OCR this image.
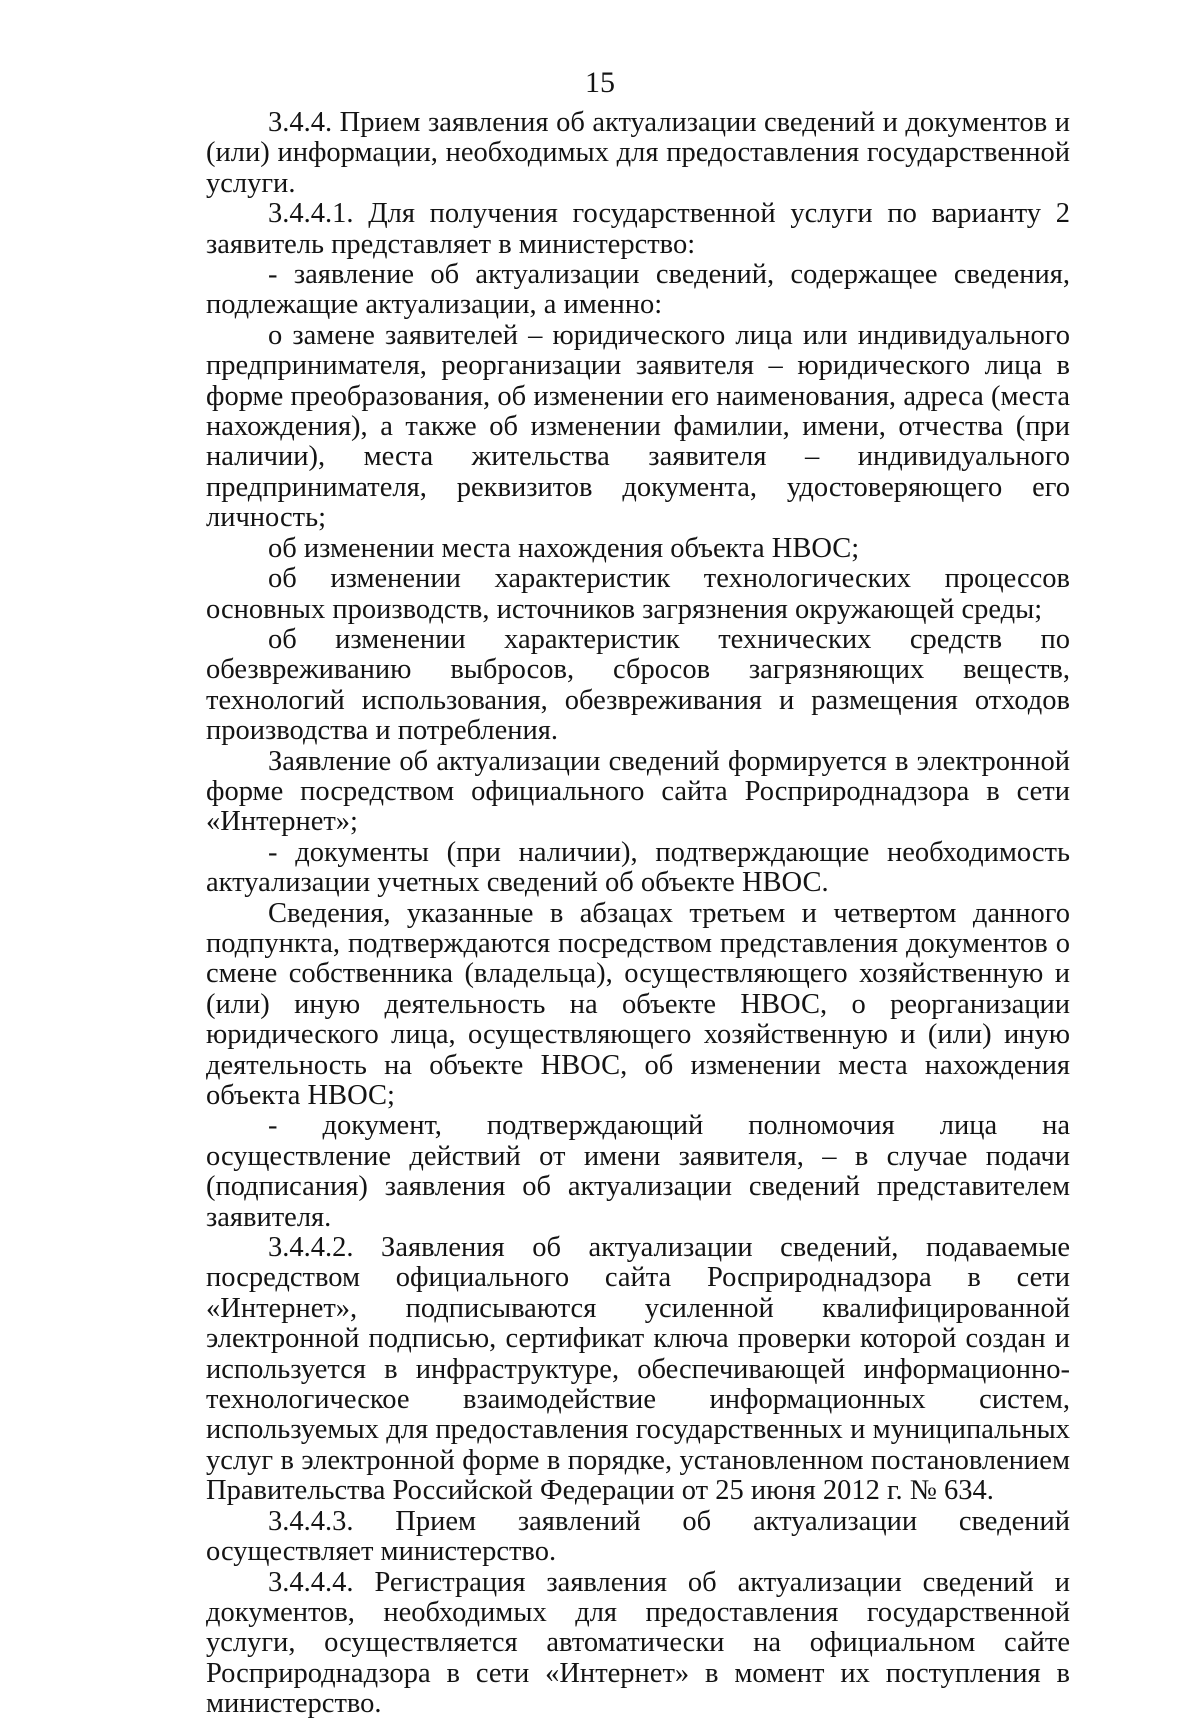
15

3.4.4. Прием заявления об актуализации сведений и документов и (или) информации, необходимых для предоставления государственной услуги.

3.4.4.1. Для получения государственной услуги по варианту 2 заявитель представляет в министерство:

- заявление об актуализации сведений, содержащее сведения, подлежащие актуализации, а именно:

о замене заявителей – юридического лица или индивидуального предпринимателя, реорганизации заявителя – юридического лица в форме преобразования, об изменении его наименования, адреса (места нахождения), а также об изменении фамилии, имени, отчества (при наличии), места жительства заявителя – индивидуального предпринимателя, реквизитов документа, удостоверяющего его личность;

об изменении места нахождения объекта НВОС;

об изменении характеристик технологических процессов основных производств, источников загрязнения окружающей среды;

об изменении характеристик технических средств по обезвреживанию выбросов, сбросов загрязняющих веществ, технологий использования, обезвреживания и размещения отходов производства и потребления.

Заявление об актуализации сведений формируется в электронной форме посредством официального сайта Росприроднадзора в сети «Интернет»;

- документы (при наличии), подтверждающие необходимость актуализации учетных сведений об объекте НВОС.

Сведения, указанные в абзацах третьем и четвертом данного подпункта, подтверждаются посредством представления документов о смене собственника (владельца), осуществляющего хозяйственную и (или) иную деятельность на объекте НВОС, о реорганизации юридического лица, осуществляющего хозяйственную и (или) иную деятельность на объекте НВОС, об изменении места нахождения объекта НВОС;

- документ, подтверждающий полномочия лица на осуществление действий от имени заявителя, – в случае подачи (подписания) заявления об актуализации сведений представителем заявителя.

3.4.4.2. Заявления об актуализации сведений, подаваемые посредством официального сайта Росприроднадзора в сети «Интернет», подписываются усиленной квалифицированной электронной подписью, сертификат ключа проверки которой создан и используется в инфраструктуре, обеспечивающей информационно-технологическое взаимодействие информационных систем, используемых для предоставления государственных и муниципальных услуг в электронной форме в порядке, установленном постановлением Правительства Российской Федерации от 25 июня 2012 г. № 634.

3.4.4.3. Прием заявлений об актуализации сведений осуществляет министерство.

3.4.4.4. Регистрация заявления об актуализации сведений и документов, необходимых для предоставления государственной услуги, осуществляется автоматически на официальном сайте Росприроднадзора в сети «Интернет» в момент их поступления в министерство.
